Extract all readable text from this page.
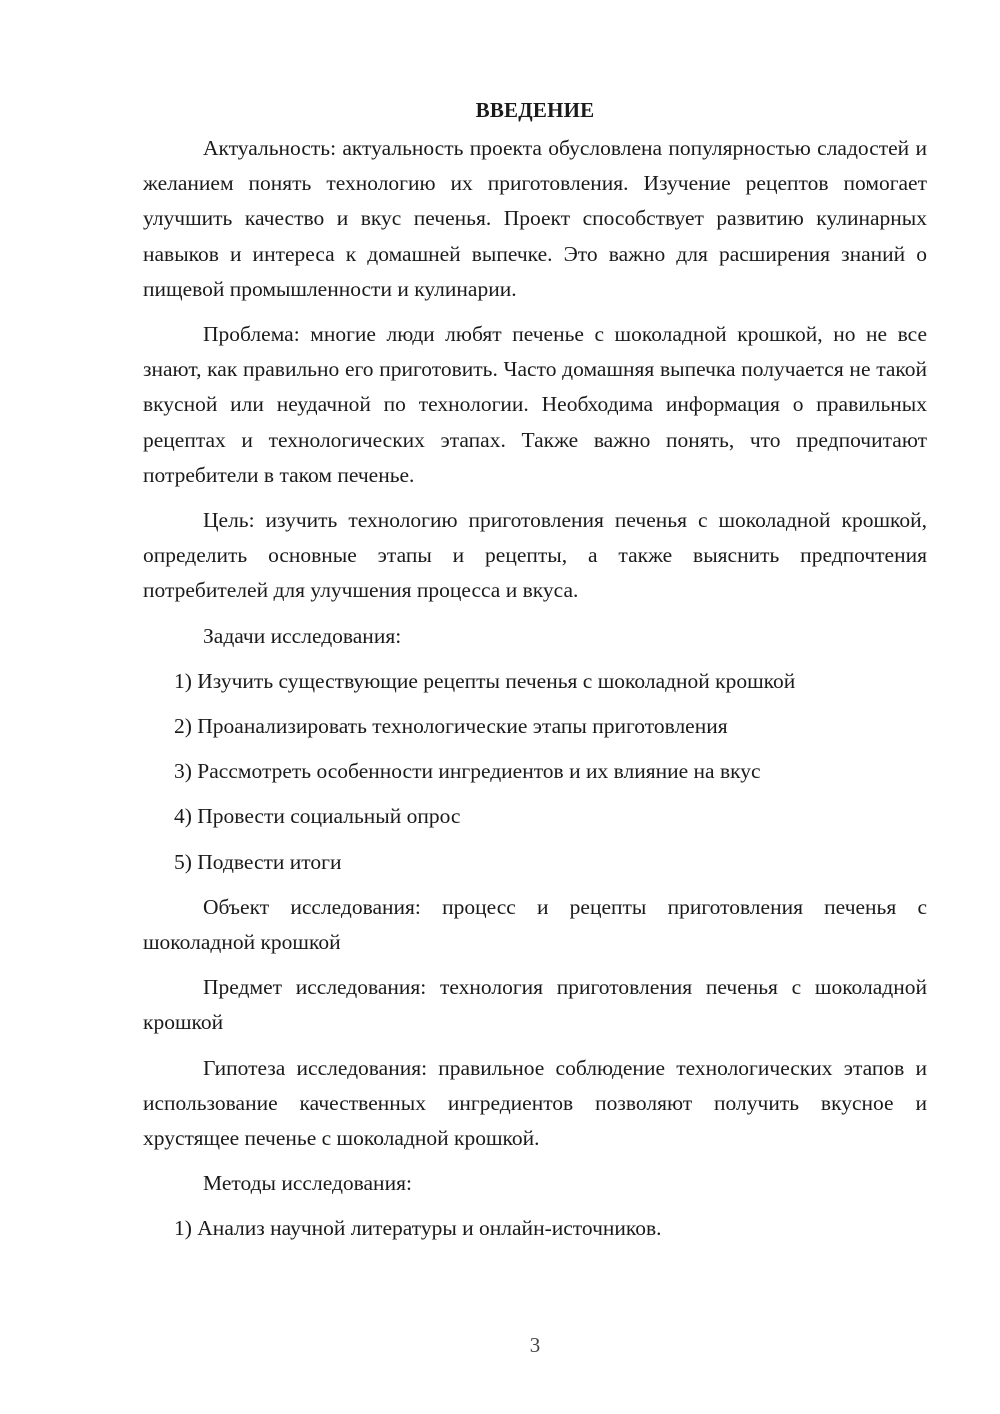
ВВЕДЕНИЕ

Актуальность: актуальность проекта обусловлена популярностью сладостей и желанием понять технологию их приготовления. Изучение рецептов помогает улучшить качество и вкус печенья. Проект способствует развитию кулинарных навыков и интереса к домашней выпечке. Это важно для расширения знаний о пищевой промышленности и кулинарии.

Проблема: многие люди любят печенье с шоколадной крошкой, но не все знают, как правильно его приготовить. Часто домашняя выпечка получается не такой вкусной или неудачной по технологии. Необходима информация о правильных рецептах и технологических этапах. Также важно понять, что предпочитают потребители в таком печенье.

Цель: изучить технологию приготовления печенья с шоколадной крошкой, определить основные этапы и рецепты, а также выяснить предпочтения потребителей для улучшения процесса и вкуса.

Задачи исследования:

1) Изучить существующие рецепты печенья с шоколадной крошкой
2) Проанализировать технологические этапы приготовления
3) Рассмотреть особенности ингредиентов и их влияние на вкус
4) Провести социальный опрос
5) Подвести итоги

Объект исследования: процесс и рецепты приготовления печенья с шоколадной крошкой

Предмет исследования: технология приготовления печенья с шоколадной крошкой

Гипотеза исследования: правильное соблюдение технологических этапов и использование качественных ингредиентов позволяют получить вкусное и хрустящее печенье с шоколадной крошкой.

Методы исследования:

1) Анализ научной литературы и онлайн-источников.
3
